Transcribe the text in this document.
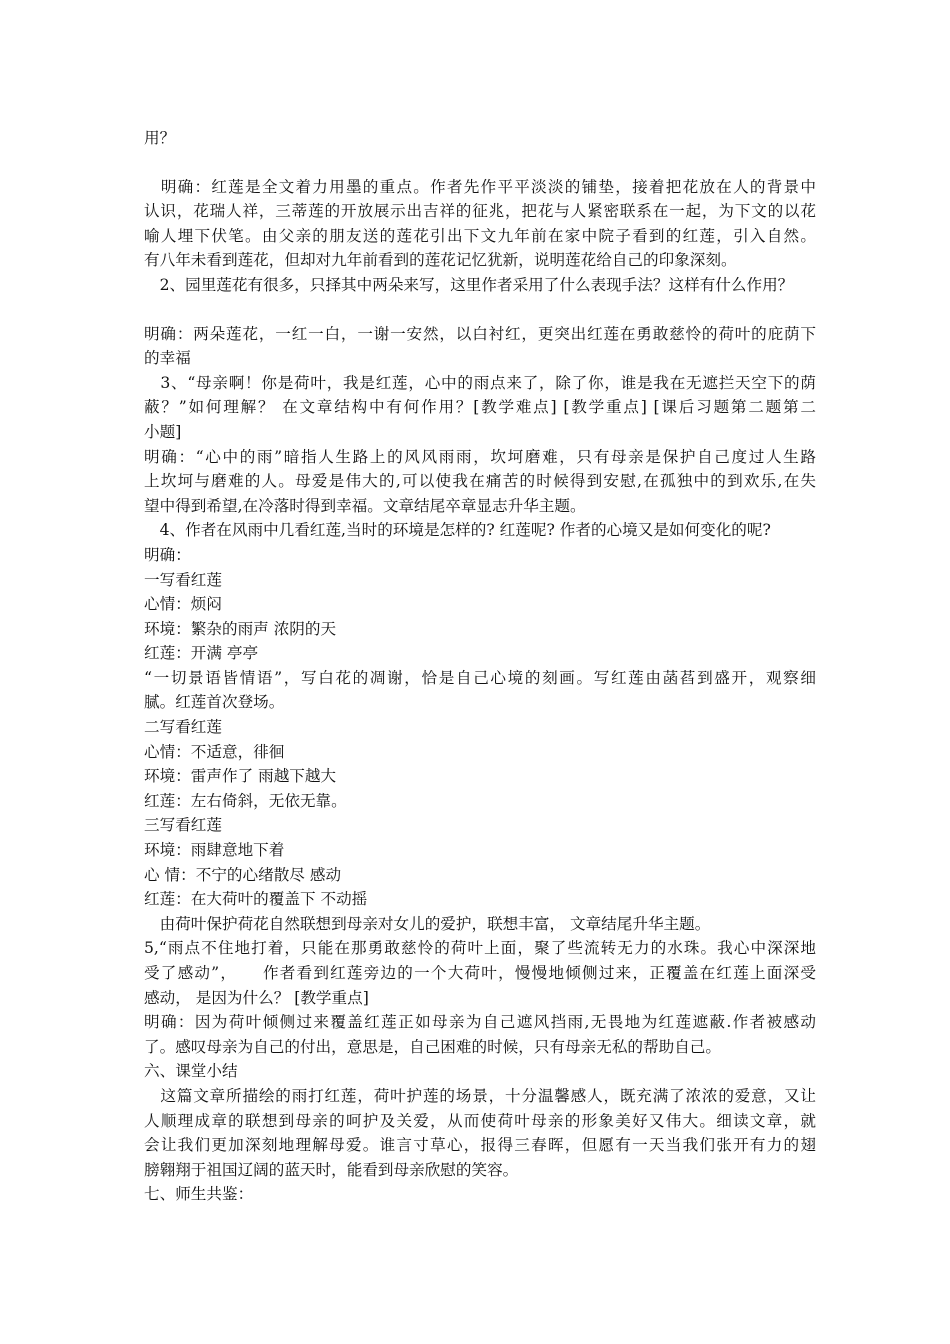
用？
　明确：红莲是全文着力用墨的重点。作者先作平平淡淡的铺垫，接着把花放在人的背景中
认识，花瑞人祥，三蒂莲的开放展示出吉祥的征兆，把花与人紧密联系在一起，为下文的以花
喻人埋下伏笔。由父亲的朋友送的莲花引出下文九年前在家中院子看到的红莲，引入自然。
有八年未看到莲花，但却对九年前看到的莲花记忆犹新，说明莲花给自己的印象深刻。
　2、园里莲花有很多，只择其中两朵来写，这里作者采用了什么表现手法？这样有什么作用？
明确：两朵莲花，一红一白，一谢一安然，以白衬红，更突出红莲在勇敢慈怜的荷叶的庇荫下
的幸福
　3、“母亲啊！你是荷叶，我是红莲，心中的雨点来了，除了你，谁是我在无遮拦天空下的荫
蔽？”如何理解？ 在文章结构中有何作用？[教学难点] [教学重点] [课后习题第二题第二
小题]
明确：“心中的雨”暗指人生路上的风风雨雨，坎坷磨难，只有母亲是保护自己度过人生路
上坎坷与磨难的人。母爱是伟大的,可以使我在痛苦的时候得到安慰,在孤独中的到欢乐,在失
望中得到希望,在冷落时得到幸福。文章结尾卒章显志升华主题。
　4、作者在风雨中几看红莲,当时的环境是怎样的? 红莲呢? 作者的心境又是如何变化的呢?
明确：
一写看红莲
心情：烦闷
环境：繁杂的雨声 浓阴的天
红莲：开满 亭亭
“一切景语皆情语”，写白花的凋谢，恰是自己心境的刻画。写红莲由菡萏到盛开，观察细
腻。红莲首次登场。
二写看红莲
心情：不适意，徘徊
环境：雷声作了 雨越下越大
红莲：左右倚斜，无依无靠。
三写看红莲
环境：雨肆意地下着
心 情：不宁的心绪散尽 感动
红莲：在大荷叶的覆盖下 不动摇
　由荷叶保护荷花自然联想到母亲对女儿的爱护，联想丰富， 文章结尾升华主题。
5,“雨点不住地打着，只能在那勇敢慈怜的荷叶上面，聚了些流转无力的水珠。我心中深深地
受了感动”，　　作者看到红莲旁边的一个大荷叶，慢慢地倾侧过来，正覆盖在红莲上面深受
感动， 是因为什么？ [教学重点]
明确：因为荷叶倾侧过来覆盖红莲正如母亲为自己遮风挡雨,无畏地为红莲遮蔽.作者被感动
了。感叹母亲为自己的付出，意思是，自己困难的时候，只有母亲无私的帮助自己。
六、课堂小结
　这篇文章所描绘的雨打红莲，荷叶护莲的场景，十分温馨感人，既充满了浓浓的爱意，又让
人顺理成章的联想到母亲的呵护及关爱，从而使荷叶母亲的形象美好又伟大。细读文章，就
会让我们更加深刻地理解母爱。谁言寸草心，报得三春晖，但愿有一天当我们张开有力的翅
膀翱翔于祖国辽阔的蓝天时，能看到母亲欣慰的笑容。
七、师生共鉴：
